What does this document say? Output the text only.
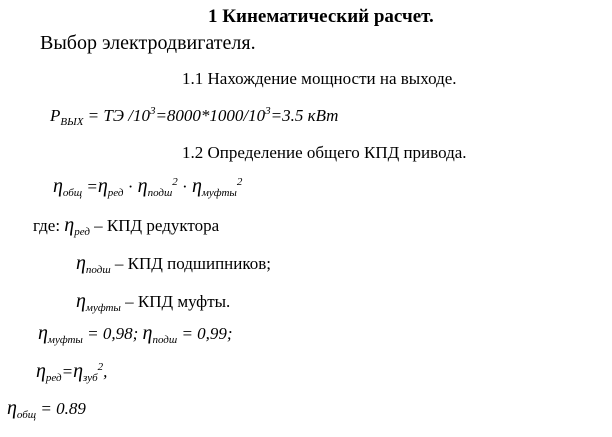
1 Кинематический расчет.
Выбор электродвигателя.
1.1 Нахождение мощности на выходе.
$P_{ВЫХ}$ = ТЭ $/10^3=8000*1000/10^3=3.5$ кВт
1.2 Определение общего КПД привода.
$\eta_{общ} =\eta_{ред} \cdot \eta_{подш}^2 \cdot \eta_{муфты}^2$
где: $\eta_{ред}$ – КПД редуктора
$\eta_{подш}$ – КПД подшипников;
$\eta_{муфты}$ – КПД муфты.
$\eta_{муфты} = 0,98$; $\eta_{подш} = 0,99$;
$\eta_{ред}=\eta_{зуб}^2$,
$\eta_{общ} = 0.89$
